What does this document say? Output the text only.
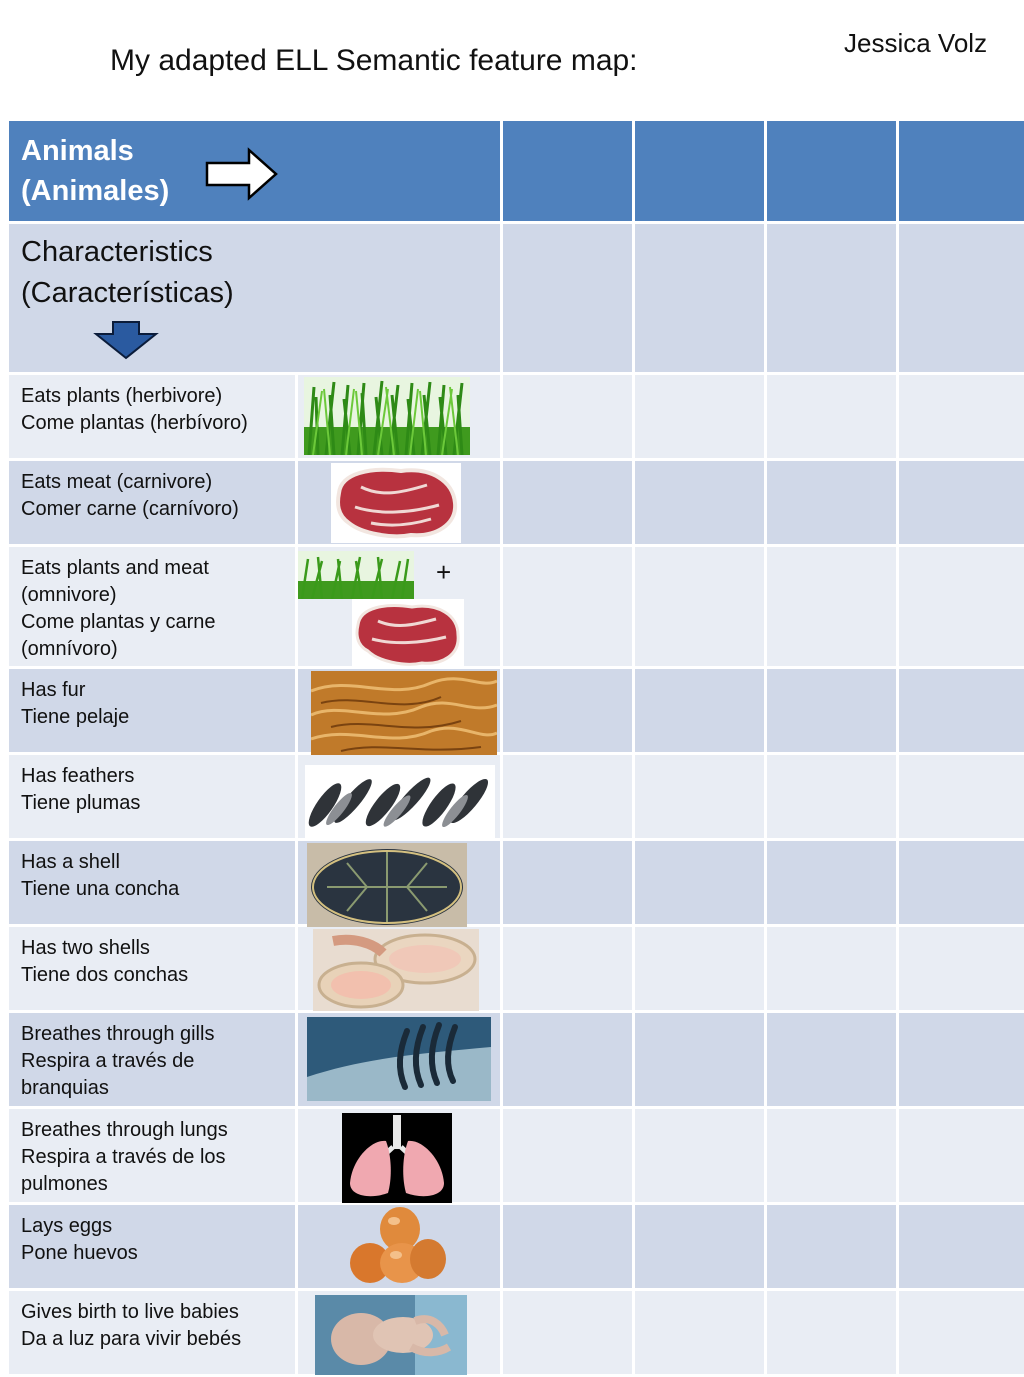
My adapted ELL Semantic feature map:
Jessica Volz
Animals
(Animales)					

Characteristics
(Características)					

Eats plants (herbivore)
Come plantas (herbívoro)

Eats meat (carnivore)
Comer carne (carnívoro)

Eats plants and meat
(omnivore)
Come plantas y carne
(omnívoro)	+				

Has fur
Tiene pelaje

Has feathers
Tiene plumas

Has a shell
Tiene una concha

Has two shells
Tiene dos conchas

Breathes through gills
Respira a través de
branquias

Breathes through lungs
Respira a través de los
pulmones

Lays eggs
Pone huevos

Gives birth to live babies
Da a luz para vivir bebés
